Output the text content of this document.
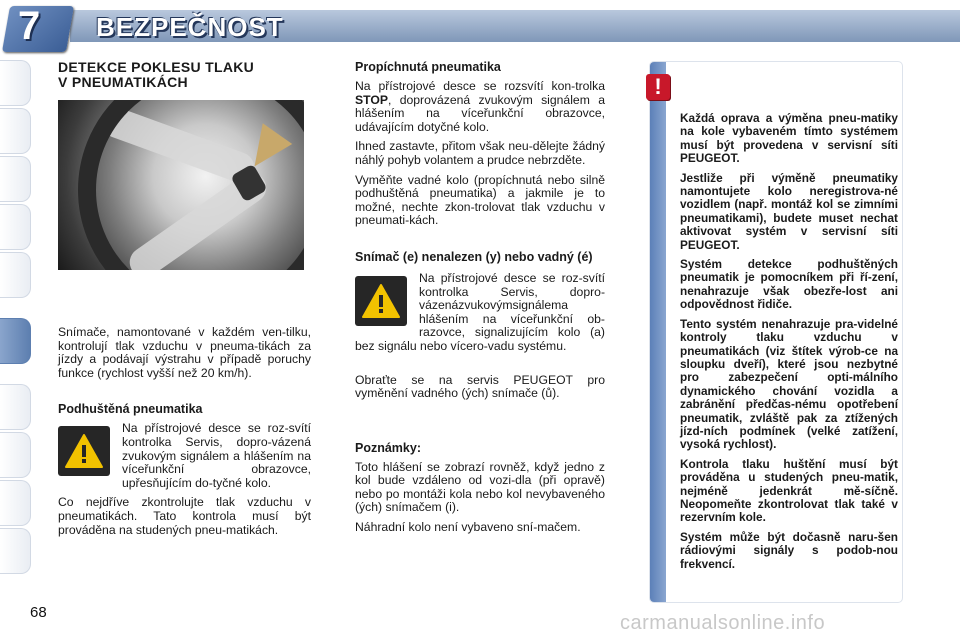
7 BEZPEČNOST

DETEKCE POKLESU TLAKU
V PNEUMATIKÁCH

Snímače, namontované v každém ven-tilku, kontrolují tlak vzduchu v pneuma-tikách za jízdy a podávají výstrahu v případě poruchy funkce (rychlost vyšší než 20 km/h).

Podhuštěná pneumatika

Na přístrojové desce se roz-svítí kontrolka Servis, dopro-vázená zvukovým signálem a hlášením na víceřunkční obrazovce, upřesňujícím do-tyčné kolo.

Co nejdříve zkontrolujte tlak vzduchu v pneumatikách. Tato kontrola musí být prováděna na studených pneu-matikách.

Propíchnutá pneumatika

Na přístrojové desce se rozsvítí kon-trolka STOP, doprovázená zvukovým signálem a hlášením na víceřunkční obrazovce, udávajícím dotyčné kolo.

Ihned zastavte, přitom však neu-dělejte žádný náhlý pohyb volantem a prudce nebrzděte.

Vyměňte vadné kolo (propíchnutá nebo silně podhuštěná pneumatika) a jakmile je to možné, nechte zkon-trolovat tlak vzduchu v pneumati-kách.

Snímač (e) nenalezen (y) nebo vadný (é)

Na přístrojové desce se roz-svítí kontrolka Servis, dopro-vázenázvukovýmsignálema hlášením na víceřunkční ob-razovce, signalizujícím kolo (a) bez signálu nebo vícero-vadu systému.

Obraťte se na servis PEUGEOT pro vyměnění vadného (ých) snímače (ů).

Poznámky:

Toto hlášení se zobrazí rovněž, když jedno z kol bude vzdáleno od vozi-dla (při opravě) nebo po montáži kola nebo kol nevybaveného (ých) snímačem (i).

Náhradní kolo není vybaveno sní-mačem.

!

Každá oprava a výměna pneu-matiky na kole vybaveném tímto systémem musí být provedena v servisní síti PEUGEOT.

Jestliže při výměně pneumatiky namontujete kolo neregistrova-né vozidlem (např. montáž kol se zimními pneumatikami), budete muset nechat aktivovat systém v servisní síti PEUGEOT.

Systém detekce podhuštěných pneumatik je pomocníkem při ří-zení, nenahrazuje však obezře-lost ani odpovědnost řidiče.

Tento systém nenahrazuje pra-videlné kontroly tlaku vzduchu v pneumatikách (viz štítek výrob-ce na sloupku dveří), které jsou nezbytné pro zabezpečení opti-málního dynamického chování vozidla a zabránění předčas-nému opotřebení pneumatik, zvláště pak za ztížených jízd-ních podmínek (velké zatížení, vysoká rychlost).

Kontrola tlaku huštění musí být prováděna u studených pneu-matik, nejméně jedenkrát mě-síčně. Neopomeňte zkontrolovat tlak také v rezervním kole.

Systém může být dočasně naru-šen rádiovými signály s podob-nou frekvencí.

68	carmanualsonline.info
